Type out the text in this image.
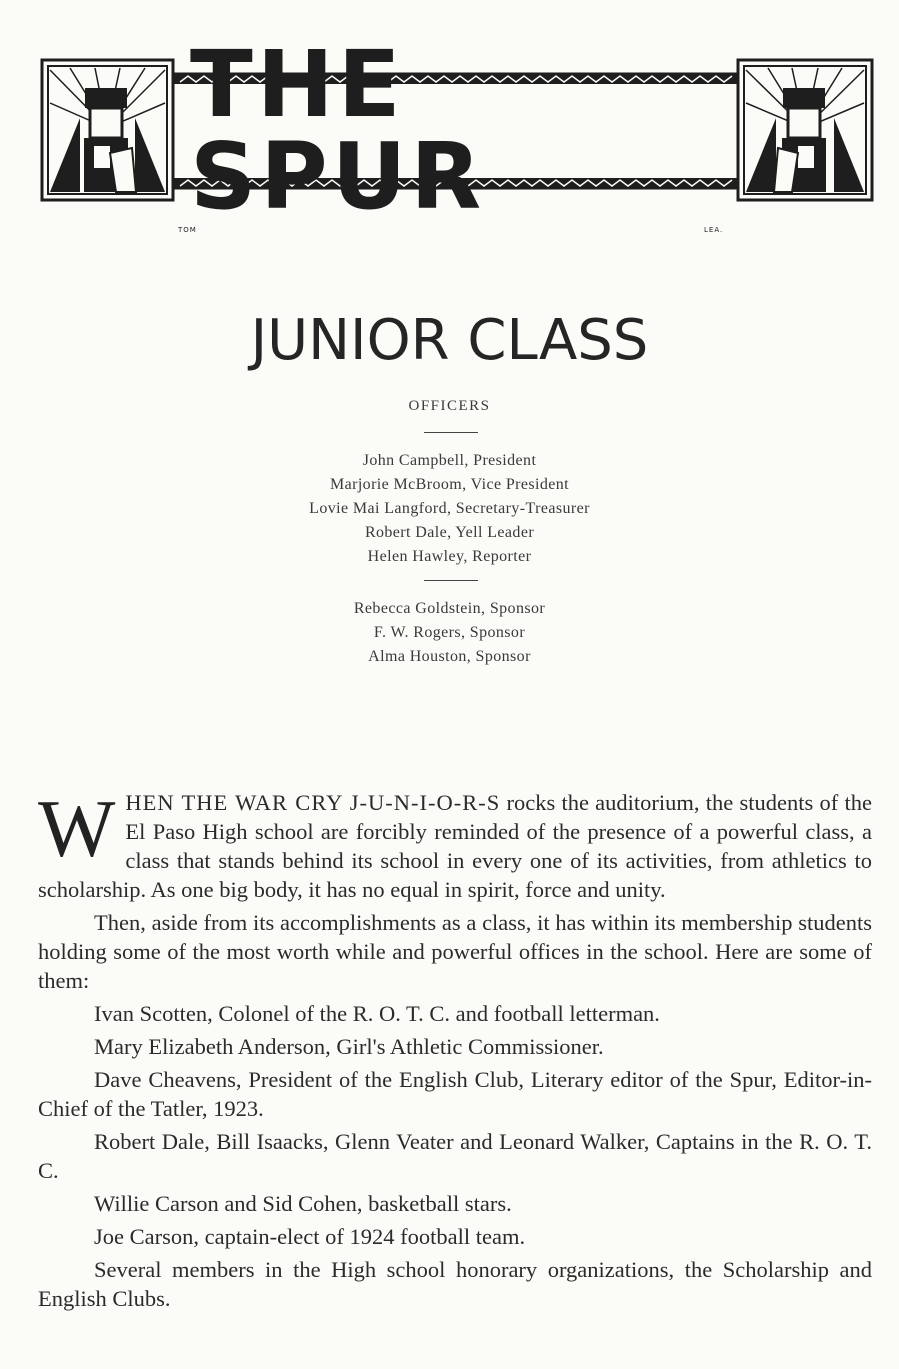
THE SPUR
TOM	LEA.
JUNIOR CLASS
OFFICERS
John Campbell, President
Marjorie McBroom, Vice President
Lovie Mai Langford, Secretary-Treasurer
Robert Dale, Yell Leader
Helen Hawley, Reporter
Rebecca Goldstein, Sponsor
F. W. Rogers, Sponsor
Alma Houston, Sponsor

WHEN THE WAR CRY J-U-N-I-O-R-S rocks the auditorium, the students of the El Paso High school are forcibly reminded of the presence of a powerful class, a class that stands behind its school in every one of its activities, from athletics to scholarship. As one big body, it has no equal in spirit, force and unity.

Then, aside from its accomplishments as a class, it has within its membership students holding some of the most worth while and powerful offices in the school. Here are some of them:

Ivan Scotten, Colonel of the R. O. T. C. and football letterman.

Mary Elizabeth Anderson, Girl's Athletic Commissioner.

Dave Cheavens, President of the English Club, Literary editor of the Spur, Editor-in-Chief of the Tatler, 1923.

Robert Dale, Bill Isaacks, Glenn Veater and Leonard Walker, Captains in the R. O. T. C.

Willie Carson and Sid Cohen, basketball stars.

Joe Carson, captain-elect of 1924 football team.

Several members in the High school honorary organizations, the Scholarship and English Clubs.
